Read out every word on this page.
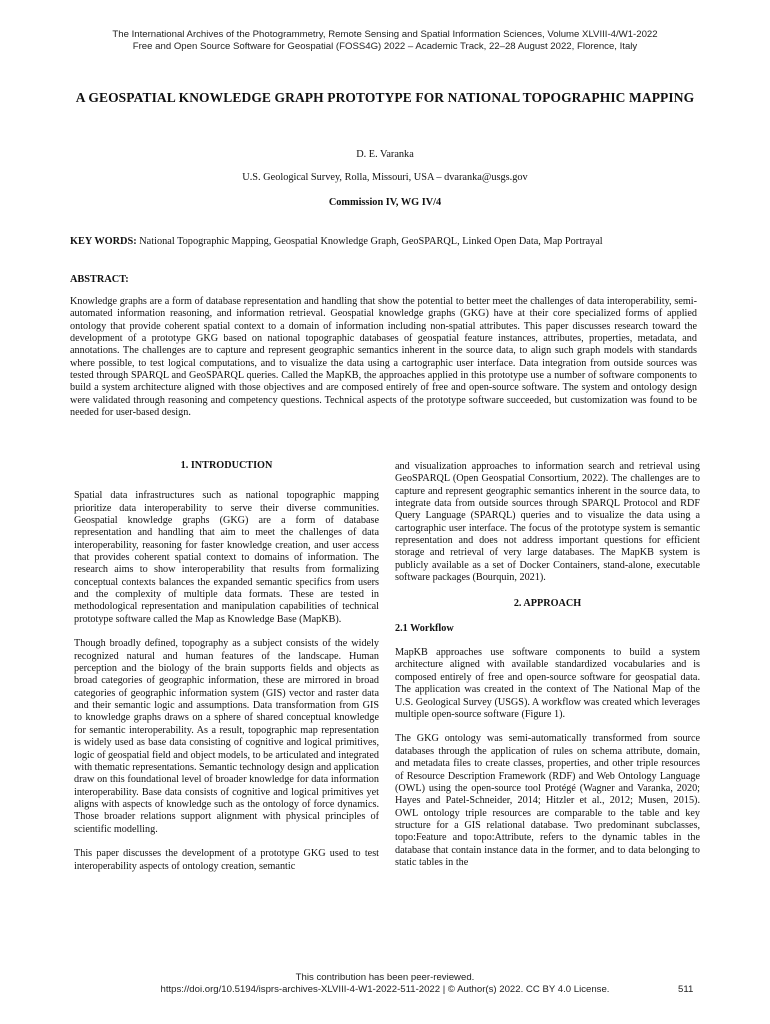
The International Archives of the Photogrammetry, Remote Sensing and Spatial Information Sciences, Volume XLVIII-4/W1-2022
Free and Open Source Software for Geospatial (FOSS4G) 2022 – Academic Track, 22–28 August 2022, Florence, Italy
A GEOSPATIAL KNOWLEDGE GRAPH PROTOTYPE FOR NATIONAL TOPOGRAPHIC MAPPING
D. E. Varanka
U.S. Geological Survey, Rolla, Missouri, USA – dvaranka@usgs.gov
Commission IV, WG IV/4
KEY WORDS: National Topographic Mapping, Geospatial Knowledge Graph, GeoSPARQL, Linked Open Data, Map Portrayal
ABSTRACT:
Knowledge graphs are a form of database representation and handling that show the potential to better meet the challenges of data interoperability, semi-automated information reasoning, and information retrieval. Geospatial knowledge graphs (GKG) have at their core specialized forms of applied ontology that provide coherent spatial context to a domain of information including non-spatial attributes. This paper discusses research toward the development of a prototype GKG based on national topographic databases of geospatial feature instances, attributes, properties, metadata, and annotations. The challenges are to capture and represent geographic semantics inherent in the source data, to align such graph models with standards where possible, to test logical computations, and to visualize the data using a cartographic user interface. Data integration from outside sources was tested through SPARQL and GeoSPARQL queries. Called the MapKB, the approaches applied in this prototype use a number of software components to build a system architecture aligned with those objectives and are composed entirely of free and open-source software. The system and ontology design were validated through reasoning and competency questions. Technical aspects of the prototype software succeeded, but customization was found to be needed for user-based design.
1. INTRODUCTION

Spatial data infrastructures such as national topographic mapping prioritize data interoperability to serve their diverse communities. Geospatial knowledge graphs (GKG) are a form of database representation and handling that aim to meet the challenges of data interoperability, reasoning for faster knowledge creation, and user access that provides coherent spatial context to domains of information. The research aims to show interoperability that results from formalizing conceptual contexts balances the expanded semantic specifics from users and the complexity of multiple data formats. These are tested in methodological representation and manipulation capabilities of technical prototype software called the Map as Knowledge Base (MapKB).

Though broadly defined, topography as a subject consists of the widely recognized natural and human features of the landscape. Human perception and the biology of the brain supports fields and objects as broad categories of geographic information, these are mirrored in broad categories of geographic information system (GIS) vector and raster data and their semantic logic and assumptions. Data transformation from GIS to knowledge graphs draws on a sphere of shared conceptual knowledge for semantic interoperability. As a result, topographic map representation is widely used as base data consisting of cognitive and logical primitives, logic of geospatial field and object models, to be articulated and integrated with thematic representations. Semantic technology design and application draw on this foundational level of broader knowledge for data information interoperability. Base data consists of cognitive and logical primitives yet aligns with aspects of knowledge such as the ontology of force dynamics. Those broader relations support alignment with physical principles of scientific modelling.

This paper discusses the development of a prototype GKG used to test interoperability aspects of ontology creation, semantic

and visualization approaches to information search and retrieval using GeoSPARQL (Open Geospatial Consortium, 2022). The challenges are to capture and represent geographic semantics inherent in the source data, to integrate data from outside sources through SPARQL Protocol and RDF Query Language (SPARQL) queries and to visualize the data using a cartographic user interface. The focus of the prototype system is semantic representation and does not address important questions for efficient storage and retrieval of very large databases. The MapKB system is publicly available as a set of Docker Containers, stand-alone, executable software packages (Bourquin, 2021).

2. APPROACH
2.1 Workflow

MapKB approaches use software components to build a system architecture aligned with available standardized vocabularies and is composed entirely of free and open-source software for geospatial data. The application was created in the context of The National Map of the U.S. Geological Survey (USGS). A workflow was created which leverages multiple open-source software (Figure 1).

The GKG ontology was semi-automatically transformed from source databases through the application of rules on schema attribute, domain, and metadata files to create classes, properties, and other triple resources of Resource Description Framework (RDF) and Web Ontology Language (OWL) using the open-source tool Protégé (Wagner and Varanka, 2020; Hayes and Patel-Schneider, 2014; Hitzler et al., 2012; Musen, 2015). OWL ontology triple resources are comparable to the table and key structure for a GIS relational database. Two predominant subclasses, topo:Feature and topo:Attribute, refers to the dynamic tables in the database that contain instance data in the former, and to data belonging to static tables in the

This contribution has been peer-reviewed.
https://doi.org/10.5194/isprs-archives-XLVIII-4-W1-2022-511-2022 | © Author(s) 2022. CC BY 4.0 License.	511
